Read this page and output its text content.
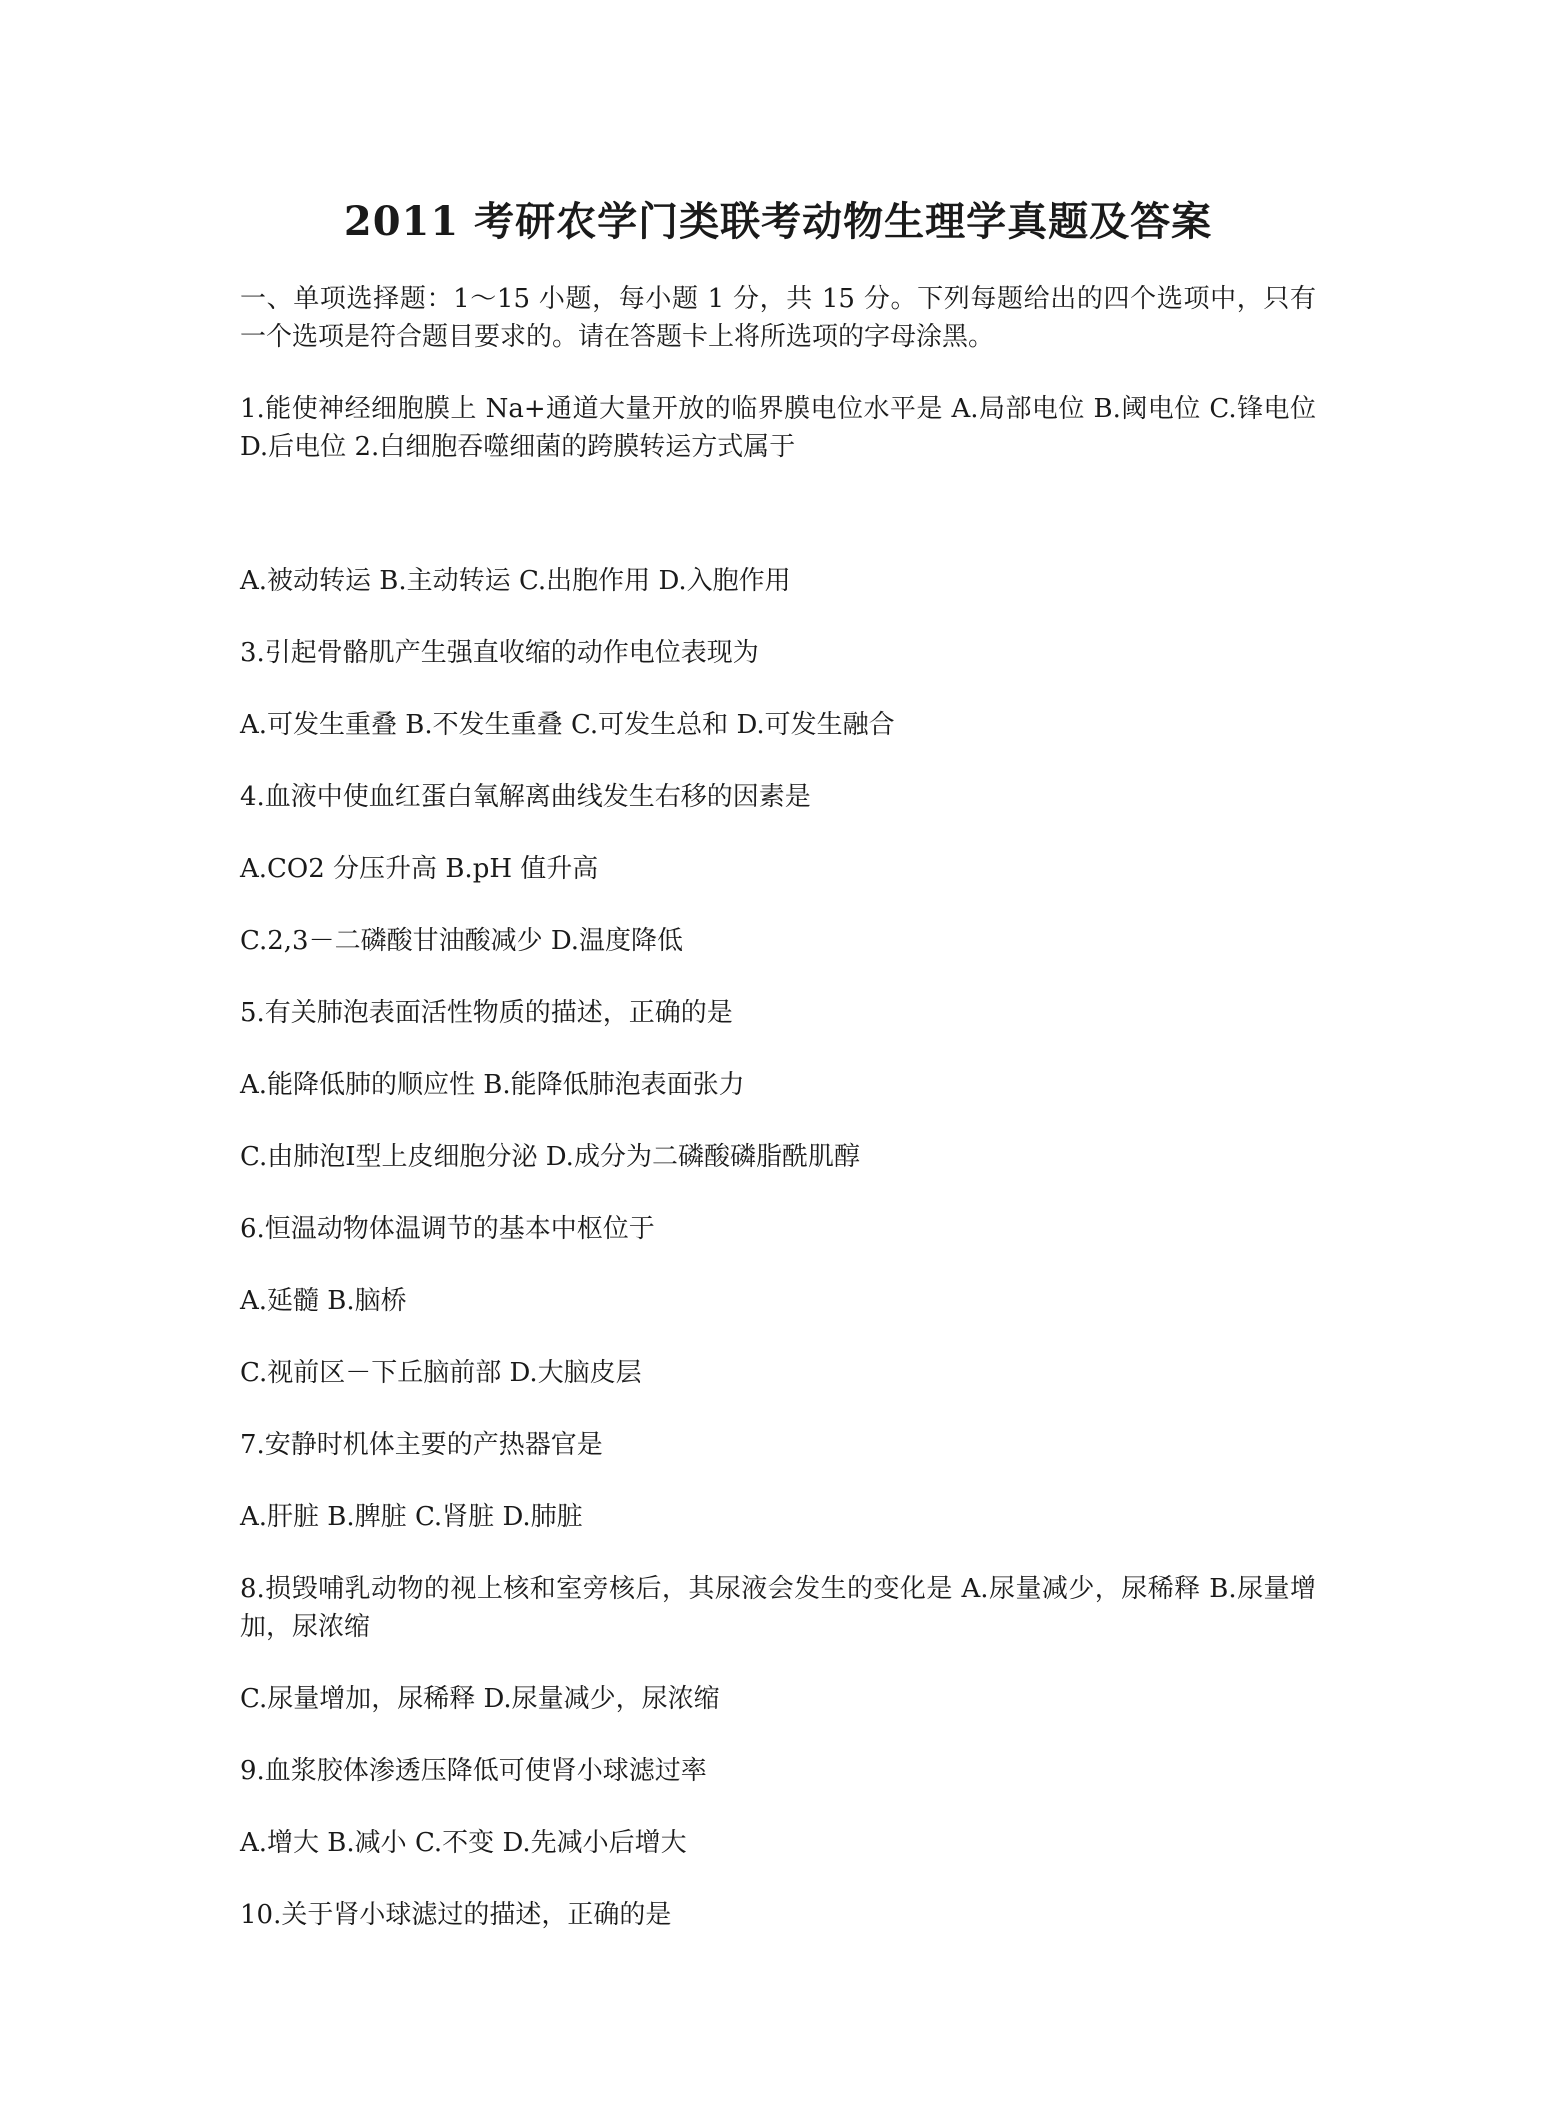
2011 考研农学门类联考动物生理学真题及答案

一、单项选择题：1～15 小题，每小题 1 分，共 15 分。下列每题给出的四个选项中，只有一个选项是符合题目要求的。请在答题卡上将所选项的字母涂黑。

1.能使神经细胞膜上 Na+通道大量开放的临界膜电位水平是 A.局部电位 B.阈电位 C.锋电位 D.后电位 2.白细胞吞噬细菌的跨膜转运方式属于

A.被动转运 B.主动转运 C.出胞作用 D.入胞作用

3.引起骨骼肌产生强直收缩的动作电位表现为

A.可发生重叠 B.不发生重叠 C.可发生总和 D.可发生融合

4.血液中使血红蛋白氧解离曲线发生右移的因素是

A.CO2 分压升高 B.pH 值升高

C.2,3－二磷酸甘油酸减少 D.温度降低

5.有关肺泡表面活性物质的描述，正确的是

A.能降低肺的顺应性 B.能降低肺泡表面张力

C.由肺泡Ⅰ型上皮细胞分泌 D.成分为二磷酸磷脂酰肌醇

6.恒温动物体温调节的基本中枢位于

A.延髓 B.脑桥

C.视前区－下丘脑前部 D.大脑皮层

7.安静时机体主要的产热器官是

A.肝脏 B.脾脏 C.肾脏 D.肺脏

8.损毁哺乳动物的视上核和室旁核后，其尿液会发生的变化是 A.尿量减少，尿稀释 B.尿量增加，尿浓缩

C.尿量增加，尿稀释 D.尿量减少，尿浓缩

9.血浆胶体渗透压降低可使肾小球滤过率

A.增大 B.减小 C.不变 D.先减小后增大

10.关于肾小球滤过的描述，正确的是
